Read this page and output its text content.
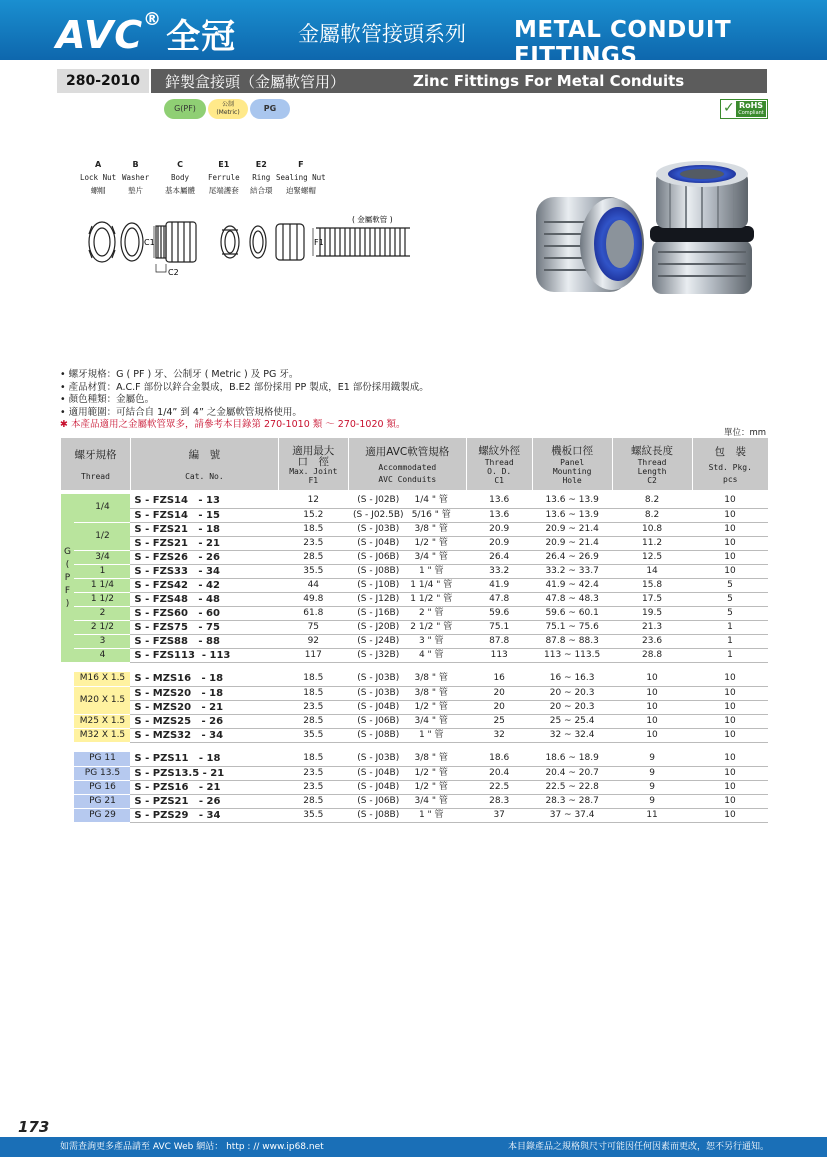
AVC® 全冠	金屬軟管接頭系列 METAL CONDUIT FITTINGS
280-2010	鋅製盒接頭（金屬軟管用）	Zinc Fittings For Metal Conduits
G(PF)	公制
(Metric)	PG	✓ RoHS
Compliant
A
Lock Nut
螺帽
B
Washer
墊片
C
Body
基本屬體
E1
Ferrule
尾端護套
E2
Ring
結合環
F
Sealing Nut
迫緊螺帽
C1
C2
F1
( 金屬軟管 )
• 螺牙規格：G ( PF ) 牙、公制牙 ( Metric ) 及 PG 牙。
• 產品材質：A.C.F 部份以鋅合金製成，B.E2 部份採用 PP 製成，E1 部份採用鐵製成。
• 顏色種類：金屬色。
• 適用範圍：可結合自 1/4” 到 4” 之金屬軟管規格使用。
✱ 本產品適用之金屬軟管眾多，請參考本目錄第 270-1010 類 ～ 270-1020 類。
單位：mm
螺牙規格
Thread		編　號
Cat. No.	適用最大
口　徑
Max. Joint
F1	適用AVC軟管規格
Accommodated
AVC Conduits		螺紋外徑
Thread
O. D.
C1	機板口徑
Panel
Mounting
Hole	螺紋長度
Thread
Length
C2	包　裝
Std. Pkg.
pcs

G
(
P
F
)	1/4	S - FZS14   - 13	12	(S - J02B)	1/4 " 管	13.6	13.6 ~ 13.9	8.2	10
		S - FZS14   - 15	15.2	(S - J02.5B)	5/16 " 管	13.6	13.6 ~ 13.9	8.2	10
	1/2	S - FZS21   - 18	18.5	(S - J03B)	3/8 " 管	20.9	20.9 ~ 21.4	10.8	10
		S - FZS21   - 21	23.5	(S - J04B)	1/2 " 管	20.9	20.9 ~ 21.4	11.2	10
	3/4	S - FZS26   - 26	28.5	(S - J06B)	3/4 " 管	26.4	26.4 ~ 26.9	12.5	10
	1	S - FZS33   - 34	35.5	(S - J08B)	1 " 管	33.2	33.2 ~ 33.7	14	10
	1 1/4	S - FZS42   - 42	44	(S - J10B)	1 1/4 " 管	41.9	41.9 ~ 42.4	15.8	5
	1 1/2	S - FZS48   - 48	49.8	(S - J12B)	1 1/2 " 管	47.8	47.8 ~ 48.3	17.5	5
	2	S - FZS60   - 60	61.8	(S - J16B)	2 " 管	59.6	59.6 ~ 60.1	19.5	5
	2 1/2	S - FZS75   - 75	75	(S - J20B)	2 1/2 " 管	75.1	75.1 ~ 75.6	21.3	1
	3	S - FZS88   - 88	92	(S - J24B)	3 " 管	87.8	87.8 ~ 88.3	23.6	1
	4	S - FZS113  - 113	117	(S - J32B)	4 " 管	113	113 ~ 113.5	28.8	1

	M16 X 1.5	S - MZS16   - 18	18.5	(S - J03B)	3/8 " 管	16	16 ~ 16.3	10	10
	M20 X 1.5	S - MZS20   - 18	18.5	(S - J03B)	3/8 " 管	20	20 ~ 20.3	10	10
		S - MZS20   - 21	23.5	(S - J04B)	1/2 " 管	20	20 ~ 20.3	10	10
	M25 X 1.5	S - MZS25   - 26	28.5	(S - J06B)	3/4 " 管	25	25 ~ 25.4	10	10
	M32 X 1.5	S - MZS32   - 34	35.5	(S - J08B)	1 " 管	32	32 ~ 32.4	10	10

	PG 11	S - PZS11   - 18	18.5	(S - J03B)	3/8 " 管	18.6	18.6 ~ 18.9	9	10
	PG 13.5	S - PZS13.5 - 21	23.5	(S - J04B)	1/2 " 管	20.4	20.4 ~ 20.7	9	10
	PG 16	S - PZS16   - 21	23.5	(S - J04B)	1/2 " 管	22.5	22.5 ~ 22.8	9	10
	PG 21	S - PZS21   - 26	28.5	(S - J06B)	3/4 " 管	28.3	28.3 ~ 28.7	9	10
	PG 29	S - PZS29   - 34	35.5	(S - J08B)	1 " 管	37	37 ~ 37.4	11	10
173
如需查詢更多產品請至 AVC Web 網站： http : // www.ip68.net	本目錄產品之規格與尺寸可能因任何因素而更改，恕不另行通知。
